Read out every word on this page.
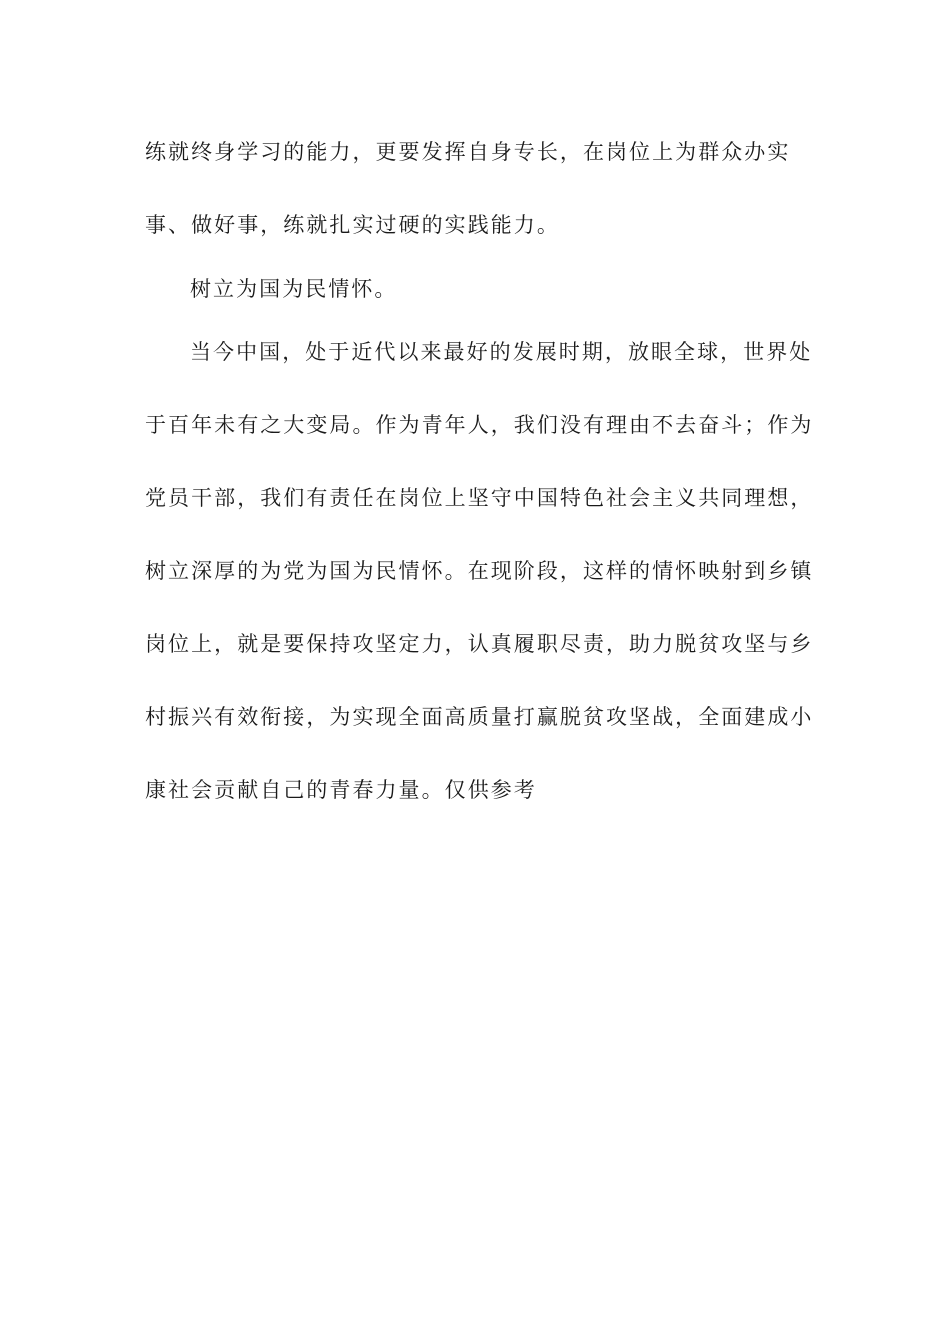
练就终身学习的能力，更要发挥自身专长，在岗位上为群众办实
事、做好事，练就扎实过硬的实践能力。
树立为国为民情怀。
当今中国，处于近代以来最好的发展时期，放眼全球，世界处
于百年未有之大变局。作为青年人，我们没有理由不去奋斗；作为
党员干部，我们有责任在岗位上坚守中国特色社会主义共同理想，
树立深厚的为党为国为民情怀。在现阶段，这样的情怀映射到乡镇
岗位上，就是要保持攻坚定力，认真履职尽责，助力脱贫攻坚与乡
村振兴有效衔接，为实现全面高质量打赢脱贫攻坚战，全面建成小
康社会贡献自己的青春力量。仅供参考
